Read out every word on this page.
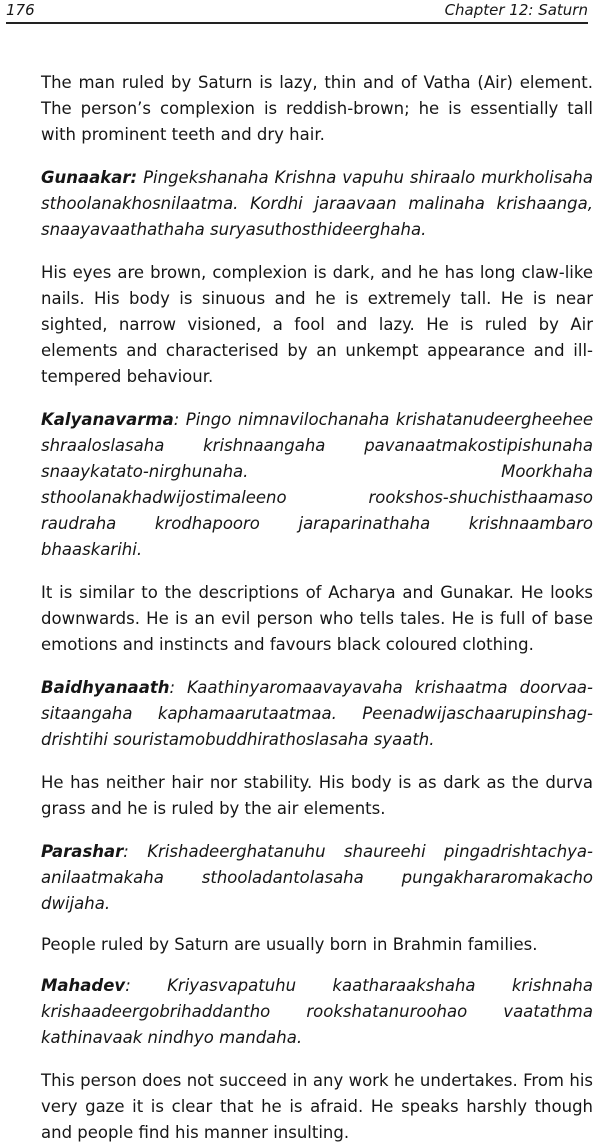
176	Chapter 12: Saturn

The man ruled by Saturn is lazy, thin and of Vatha (Air) element. The person’s complexion is reddish-brown; he is essentially tall with prominent teeth and dry hair.

Gunaakar: Pingekshanaha Krishna vapuhu shiraalo murkholisaha sthoolanakhosnilaatma. Kordhi jaraavaan malinaha krishaanga, snaayavaathathaha suryasuthosthideerghaha.

His eyes are brown, complexion is dark, and he has long claw-like nails. His body is sinuous and he is extremely tall. He is near sighted, narrow visioned, a fool and lazy. He is ruled by Air elements and characterised by an unkempt appearance and ill-tempered behaviour.

Kalyanavarma: Pingo nimnavilochanaha krishatanudeergheehee shraaloslasaha krishnaangaha pavanaatmakostipishunaha snaaykatato-nirghunaha. Moorkhaha sthoolanakhadwijostimaleeno rookshos-shuchisthaamaso raudraha krodhapooro jaraparinathaha krishnaambaro bhaaskarihi.

It is similar to the descriptions of Acharya and Gunakar. He looks downwards. He is an evil person who tells tales. He is full of base emotions and instincts and favours black coloured clothing.

Baidhyanaath: Kaathinyaromaavayavaha krishaatma doorvaa-sitaangaha kaphamaarutaatmaa. Peenadwijaschaarupinshag-drishtihi souristamobuddhirathoslasaha syaath.

He has neither hair nor stability. His body is as dark as the durva grass and he is ruled by the air elements.

Parashar: Krishadeerghatanuhu shaureehi pingadrishtachya-anilaatmakaha sthooladantolasaha pungakhararomakacho dwijaha.

People ruled by Saturn are usually born in Brahmin families.

Mahadev: Kriyasvapatuhu kaatharaakshaha krishnaha krishaadeergobrihaddantho rookshatanuroohao vaatathma kathinavaak nindhyo mandaha.

This person does not succeed in any work he undertakes. From his very gaze it is clear that he is afraid. He speaks harshly though and people find his manner insulting.
